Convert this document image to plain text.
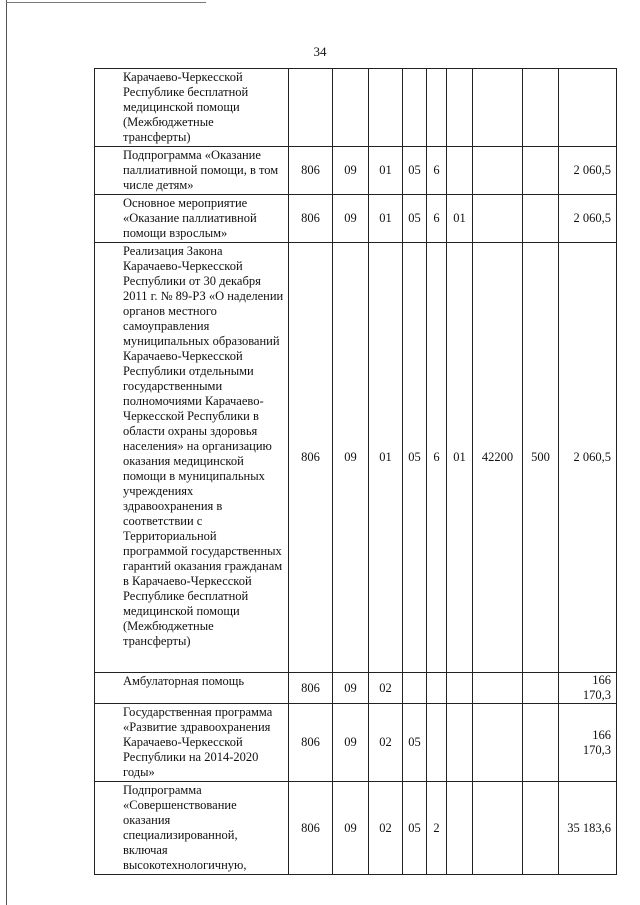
34
Карачаево-Черкесской Республике бесплатной медицинской помощи (Межбюджетные трансферты)									
Подпрограмма «Оказание паллиативной помощи, в том числе детям»	806	09	01	05	6				2 060,5
Основное мероприятие «Оказание паллиативной помощи взрослым»	806	09	01	05	6	01			2 060,5
Реализация Закона Карачаево-Черкесской Республики от 30 декабря 2011 г. № 89-РЗ «О наделении органов местного самоуправления муниципальных образований Карачаево-Черкесской Республики отдельными государственными полномочиями Карачаево-Черкесской Республики в области охраны здоровья населения» на организацию оказания медицинской помощи в муниципальных учреждениях здравоохранения в соответствии с Территориальной программой государственных гарантий оказания гражданам в Карачаево-Черкесской Республике бесплатной медицинской помощи (Межбюджетные трансферты)	806	09	01	05	6	01	42200	500	2 060,5
Амбулаторная помощь	806	09	02						166 170,3
Государственная программа «Развитие здравоохранения Карачаево-Черкесской Республики на 2014-2020 годы»	806	09	02	05					166 170,3
Подпрограмма «Совершенствование оказания специализированной, включая высокотехнологичную,	806	09	02	05	2				35 183,6
